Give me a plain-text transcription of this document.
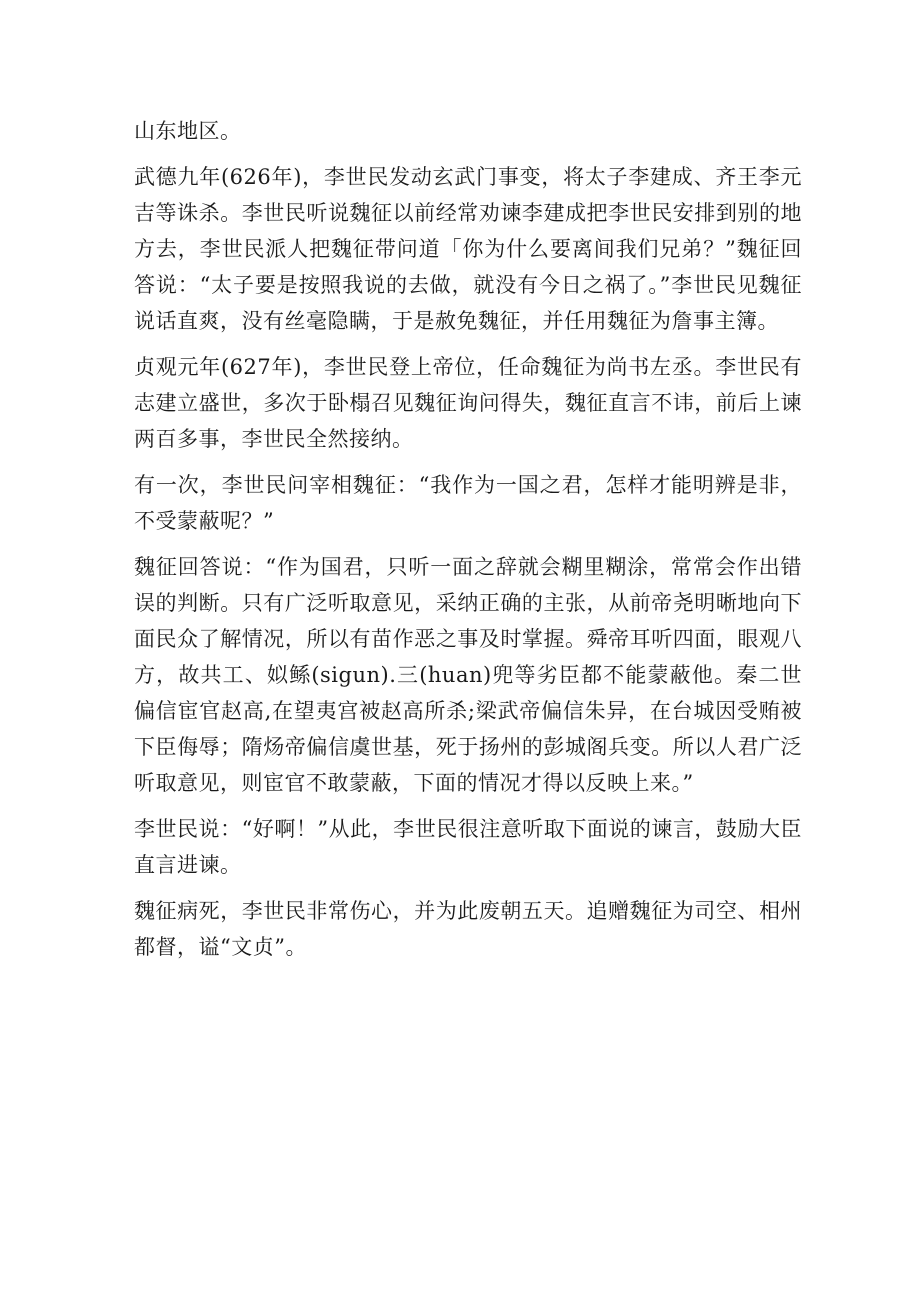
山东地区。

武德九年(626年)，李世民发动玄武门事变，将太子李建成、齐王李元吉等诛杀。李世民听说魏征以前经常劝谏李建成把李世民安排到别的地方去，李世民派人把魏征带问道「你为什么要离间我们兄弟？”魏征回答说：“太子要是按照我说的去做，就没有今日之祸了。”李世民见魏征说话直爽，没有丝毫隐瞒，于是赦免魏征，并任用魏征为詹事主簿。

贞观元年(627年)，李世民登上帝位，任命魏征为尚书左丞。李世民有志建立盛世，多次于卧榻召见魏征询问得失，魏征直言不讳，前后上谏两百多事，李世民全然接纳。

有一次，李世民问宰相魏征：“我作为一国之君，怎样才能明辨是非，不受蒙蔽呢？”

魏征回答说：“作为国君，只听一面之辞就会糊里糊涂，常常会作出错误的判断。只有广泛听取意见，采纳正确的主张，从前帝尧明晰地向下面民众了解情况，所以有苗作恶之事及时掌握。舜帝耳听四面，眼观八方，故共工、姒鲧(sigun).三(huan)兜等劣臣都不能蒙蔽他。秦二世偏信宦官赵高,在望夷宫被赵高所杀;梁武帝偏信朱异，在台城因受贿被下臣侮辱；隋炀帝偏信虞世基，死于扬州的彭城阁兵变。所以人君广泛听取意见，则宦官不敢蒙蔽，下面的情况才得以反映上来。”

李世民说：“好啊！”从此，李世民很注意听取下面说的谏言，鼓励大臣直言进谏。

魏征病死，李世民非常伤心，并为此废朝五天。追赠魏征为司空、相州都督，谥“文贞”。
